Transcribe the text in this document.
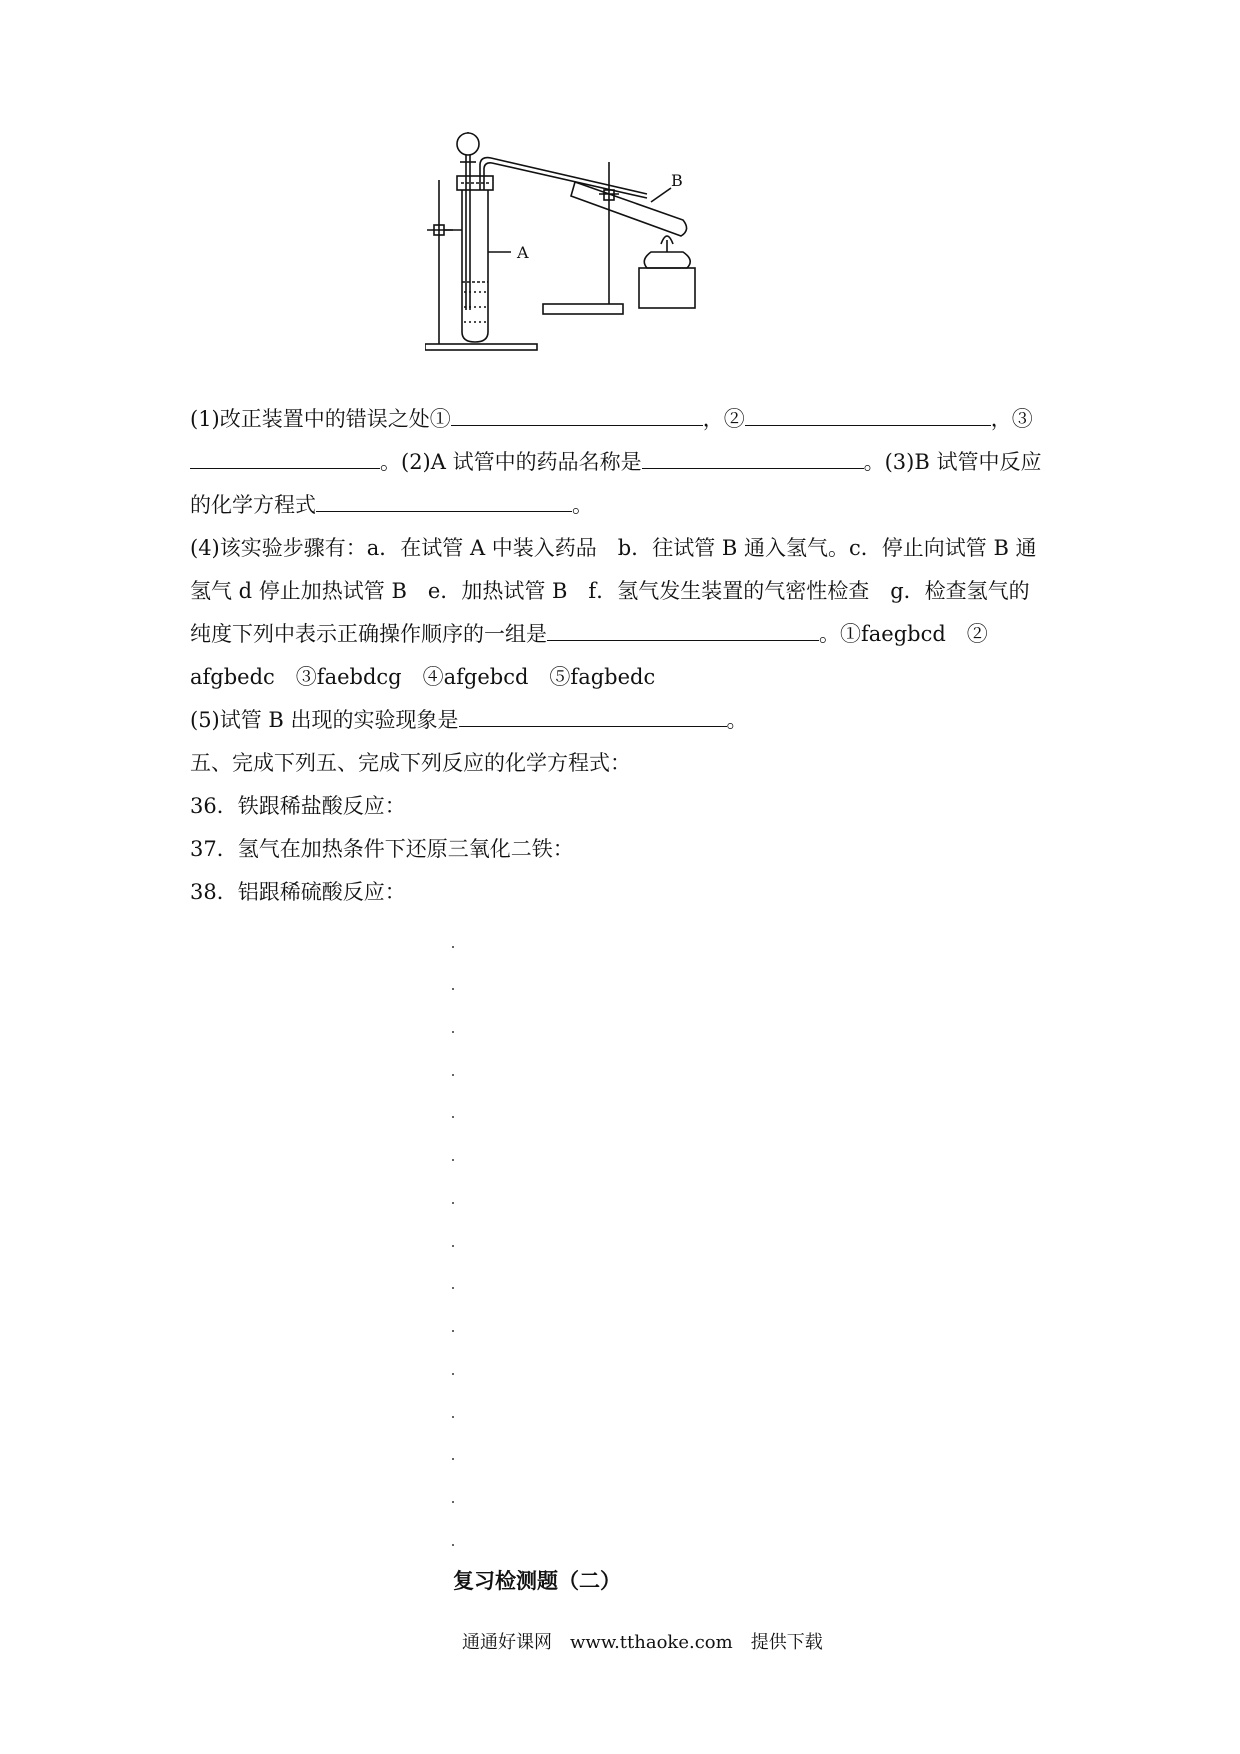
A
B
(1)改正装置中的错误之处①	，②	，③
。(2)A 试管中的药品名称是	。(3)B 试管中反应
的化学方程式	。
(4)该实验步骤有：a．在试管 A 中装入药品　b．往试管 B 通入氢气。c．停止向试管 B 通
氢气 d 停止加热试管 B　e．加热试管 B　f．氢气发生装置的气密性检查　g．检查氢气的
纯度下列中表示正确操作顺序的一组是	。①faegbcd　②
afgbedc　③faebdcg　④afgebcd　⑤fagbedc
(5)试管 B 出现的实验现象是	。
五、完成下列五、完成下列反应的化学方程式：
36．铁跟稀盐酸反应：
37．氢气在加热条件下还原三氧化二铁：
38．铝跟稀硫酸反应：
复习检测题（二）
通通好课网　www.tthaoke.com　提供下载
